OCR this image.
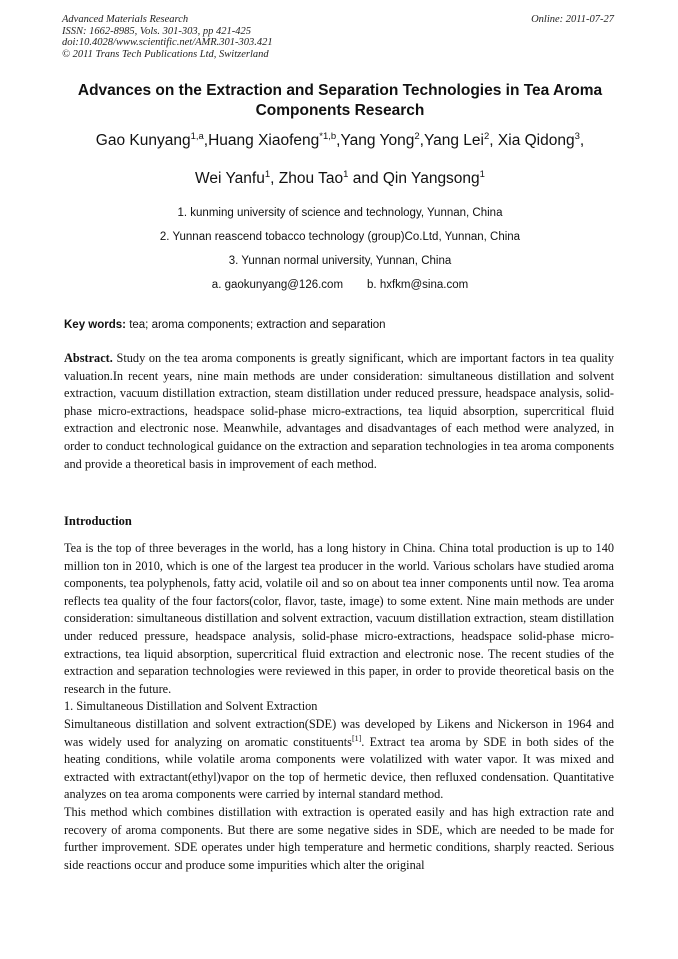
Advanced Materials Research
ISSN: 1662-8985, Vols. 301-303, pp 421-425
doi:10.4028/www.scientific.net/AMR.301-303.421
© 2011 Trans Tech Publications Ltd, Switzerland
Online: 2011-07-27
Advances on the Extraction and Separation Technologies in Tea Aroma Components Research
Gao Kunyang$^{1,a}$,Huang Xiaofeng$^{*1,b}$,Yang Yong$^2$,Yang Lei$^2$, Xia Qidong$^3$,
Wei Yanfu$^1$, Zhou Tao$^1$ and Qin Yangsong$^1$
1. kunming university of science and technology, Yunnan, China
2. Yunnan reascend tobacco technology (group)Co.Ltd, Yunnan, China
3. Yunnan normal university, Yunnan, China
a. gaokunyang@126.com b. hxfkm@sina.com
Key words: tea; aroma components; extraction and separation

Abstract. Study on the tea aroma components is greatly significant, which are important factors in tea quality valuation.In recent years, nine main methods are under consideration: simultaneous distillation and solvent extraction, vacuum distillation extraction, steam distillation under reduced pressure, headspace analysis, solid-phase micro-extractions, headspace solid-phase micro-extractions, tea liquid absorption, supercritical fluid extraction and electronic nose. Meanwhile, advantages and disadvantages of each method were analyzed, in order to conduct technological guidance on the extraction and separation technologies in tea aroma components and provide a theoretical basis in improvement of each method.

Introduction

Tea is the top of three beverages in the world, has a long history in China. China total production is up to 140 million ton in 2010, which is one of the largest tea producer in the world. Various scholars have studied aroma components, tea polyphenols, fatty acid, volatile oil and so on about tea inner components until now. Tea aroma reflects tea quality of the four factors(color, flavor, taste, image) to some extent. Nine main methods are under consideration: simultaneous distillation and solvent extraction, vacuum distillation extraction, steam distillation under reduced pressure, headspace analysis, solid-phase micro-extractions, headspace solid-phase micro-extractions, tea liquid absorption, supercritical fluid extraction and electronic nose. The recent studies of the extraction and separation technologies were reviewed in this paper, in order to provide theoretical basis on the research in the future.

1. Simultaneous Distillation and Solvent Extraction

Simultaneous distillation and solvent extraction(SDE) was developed by Likens and Nickerson in 1964 and was widely used for analyzing on aromatic constituents[1]. Extract tea aroma by SDE in both sides of the heating conditions, while volatile aroma components were volatilized with water vapor. It was mixed and extracted with extractant(ethyl)vapor on the top of hermetic device, then refluxed condensation. Quantitative analyzes on tea aroma components were carried by internal standard method.

This method which combines distillation with extraction is operated easily and has high extraction rate and recovery of aroma components. But there are some negative sides in SDE, which are needed to be made for further improvement. SDE operates under high temperature and hermetic conditions, sharply reacted. Serious side reactions occur and produce some impurities which alter the original
